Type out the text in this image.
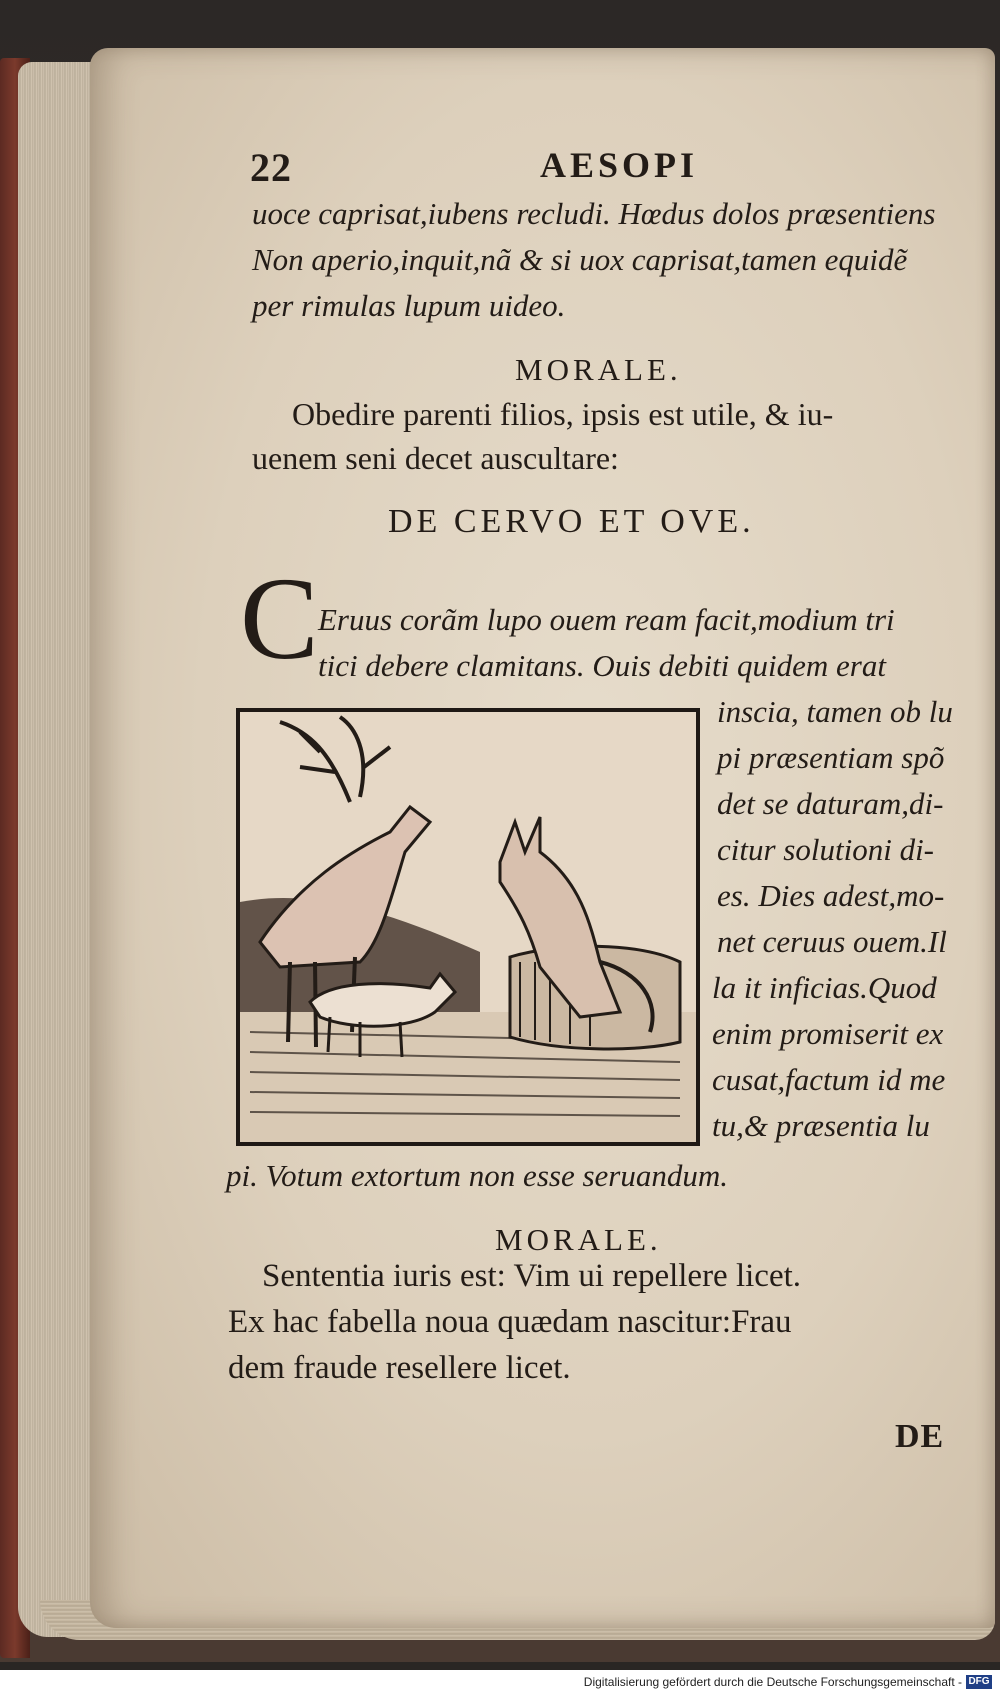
22	AESOPI
uoce caprisat,iubens recludi. Hœdus dolos præsentiens
Non aperio,inquit,nã & si uox caprisat,tamen equidẽ
per rimulas lupum uideo.
MORALE.
Obedire parenti filios, ipsis est utile, & iu-
uenem seni decet auscultare:
DE CERVO ET OVE.
C Eruus corãm lupo ouem ream facit,modium tri
tici debere clamitans. Ouis debiti quidem erat
inscia, tamen ob lu
pi præsentiam spõ
det se daturam,di-
citur solutioni di-
es. Dies adest,mo-
net ceruus ouem.Il
la it inficias.Quod
enim promiserit ex
cusat,factum id me
tu,& præsentia lu
pi. Votum extortum non esse seruandum.
MORALE.
Sententia iuris est: Vim ui repellere licet.
Ex hac fabella noua quædam nascitur:Frau
dem fraude resellere licet.
DE
Digitalisierung gefördert durch die Deutsche Forschungsgemeinschaft - DFG
